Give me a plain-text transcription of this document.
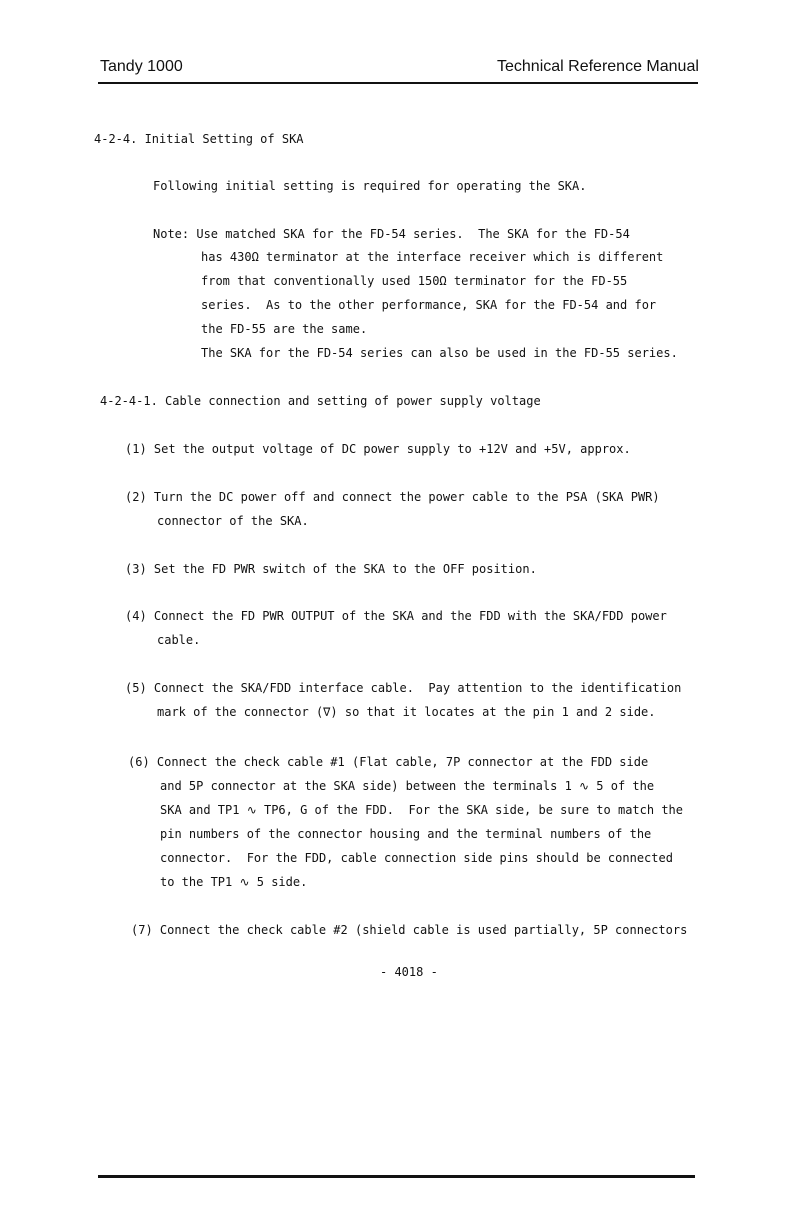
Tandy 1000	Technical Reference Manual
4-2-4. Initial Setting of SKA
Following initial setting is required for operating the SKA.
Note: Use matched SKA for the FD-54 series.  The SKA for the FD-54
has 430Ω terminator at the interface receiver which is different
from that conventionally used 150Ω terminator for the FD-55
series.  As to the other performance, SKA for the FD-54 and for
the FD-55 are the same.
The SKA for the FD-54 series can also be used in the FD-55 series.
4-2-4-1. Cable connection and setting of power supply voltage
(1) Set the output voltage of DC power supply to +12V and +5V, approx.
(2) Turn the DC power off and connect the power cable to the PSA (SKA PWR)
connector of the SKA.
(3) Set the FD PWR switch of the SKA to the OFF position.
(4) Connect the FD PWR OUTPUT of the SKA and the FDD with the SKA/FDD power
cable.
(5) Connect the SKA/FDD interface cable.  Pay attention to the identification
mark of the connector (∇) so that it locates at the pin 1 and 2 side.
(6) Connect the check cable #1 (Flat cable, 7P connector at the FDD side
and 5P connector at the SKA side) between the terminals 1 ∿ 5 of the
SKA and TP1 ∿ TP6, G of the FDD.  For the SKA side, be sure to match the
pin numbers of the connector housing and the terminal numbers of the
connector.  For the FDD, cable connection side pins should be connected
to the TP1 ∿ 5 side.
(7) Connect the check cable #2 (shield cable is used partially, 5P connectors
- 4018 -
